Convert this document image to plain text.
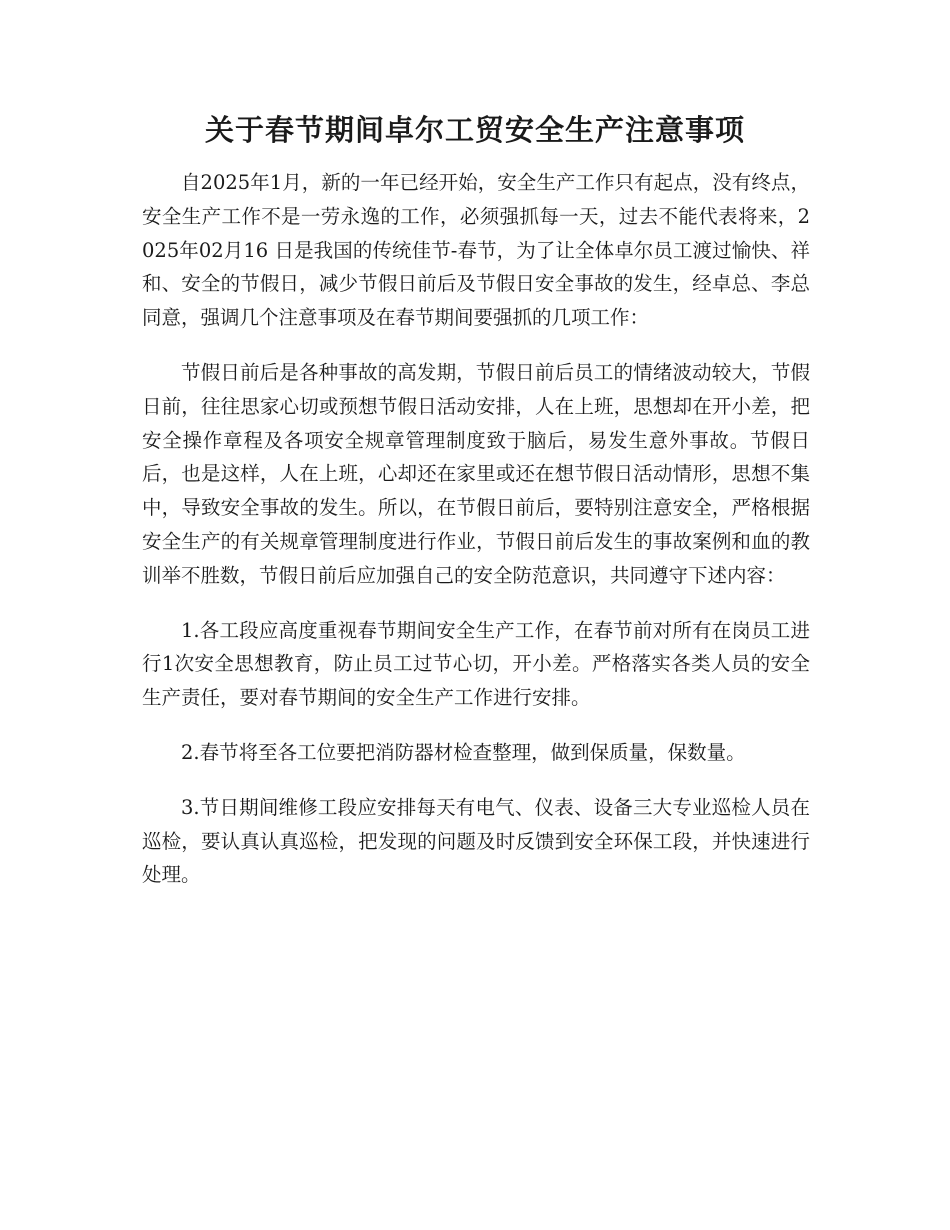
关于春节期间卓尔工贸安全生产注意事项

自2025年1月，新的一年已经开始，安全生产工作只有起点，没有终点，安全生产工作不是一劳永逸的工作，必须强抓每一天，过去不能代表将来，2025年02月16 日是我国的传统佳节-春节，为了让全体卓尔员工渡过愉快、祥和、安全的节假日，减少节假日前后及节假日安全事故的发生，经卓总、李总同意，强调几个注意事项及在春节期间要强抓的几项工作：

节假日前后是各种事故的高发期，节假日前后员工的情绪波动较大，节假日前，往往思家心切或预想节假日活动安排，人在上班，思想却在开小差，把安全操作章程及各项安全规章管理制度致于脑后，易发生意外事故。节假日后，也是这样，人在上班，心却还在家里或还在想节假日活动情形，思想不集中，导致安全事故的发生。所以，在节假日前后，要特别注意安全，严格根据安全生产的有关规章管理制度进行作业，节假日前后发生的事故案例和血的教训举不胜数，节假日前后应加强自己的安全防范意识，共同遵守下述内容：

1.各工段应高度重视春节期间安全生产工作，在春节前对所有在岗员工进行1次安全思想教育，防止员工过节心切，开小差。严格落实各类人员的安全生产责任，要对春节期间的安全生产工作进行安排。

2.春节将至各工位要把消防器材检查整理，做到保质量，保数量。

3.节日期间维修工段应安排每天有电气、仪表、设备三大专业巡检人员在巡检，要认真认真巡检，把发现的问题及时反馈到安全环保工段，并快速进行处理。
